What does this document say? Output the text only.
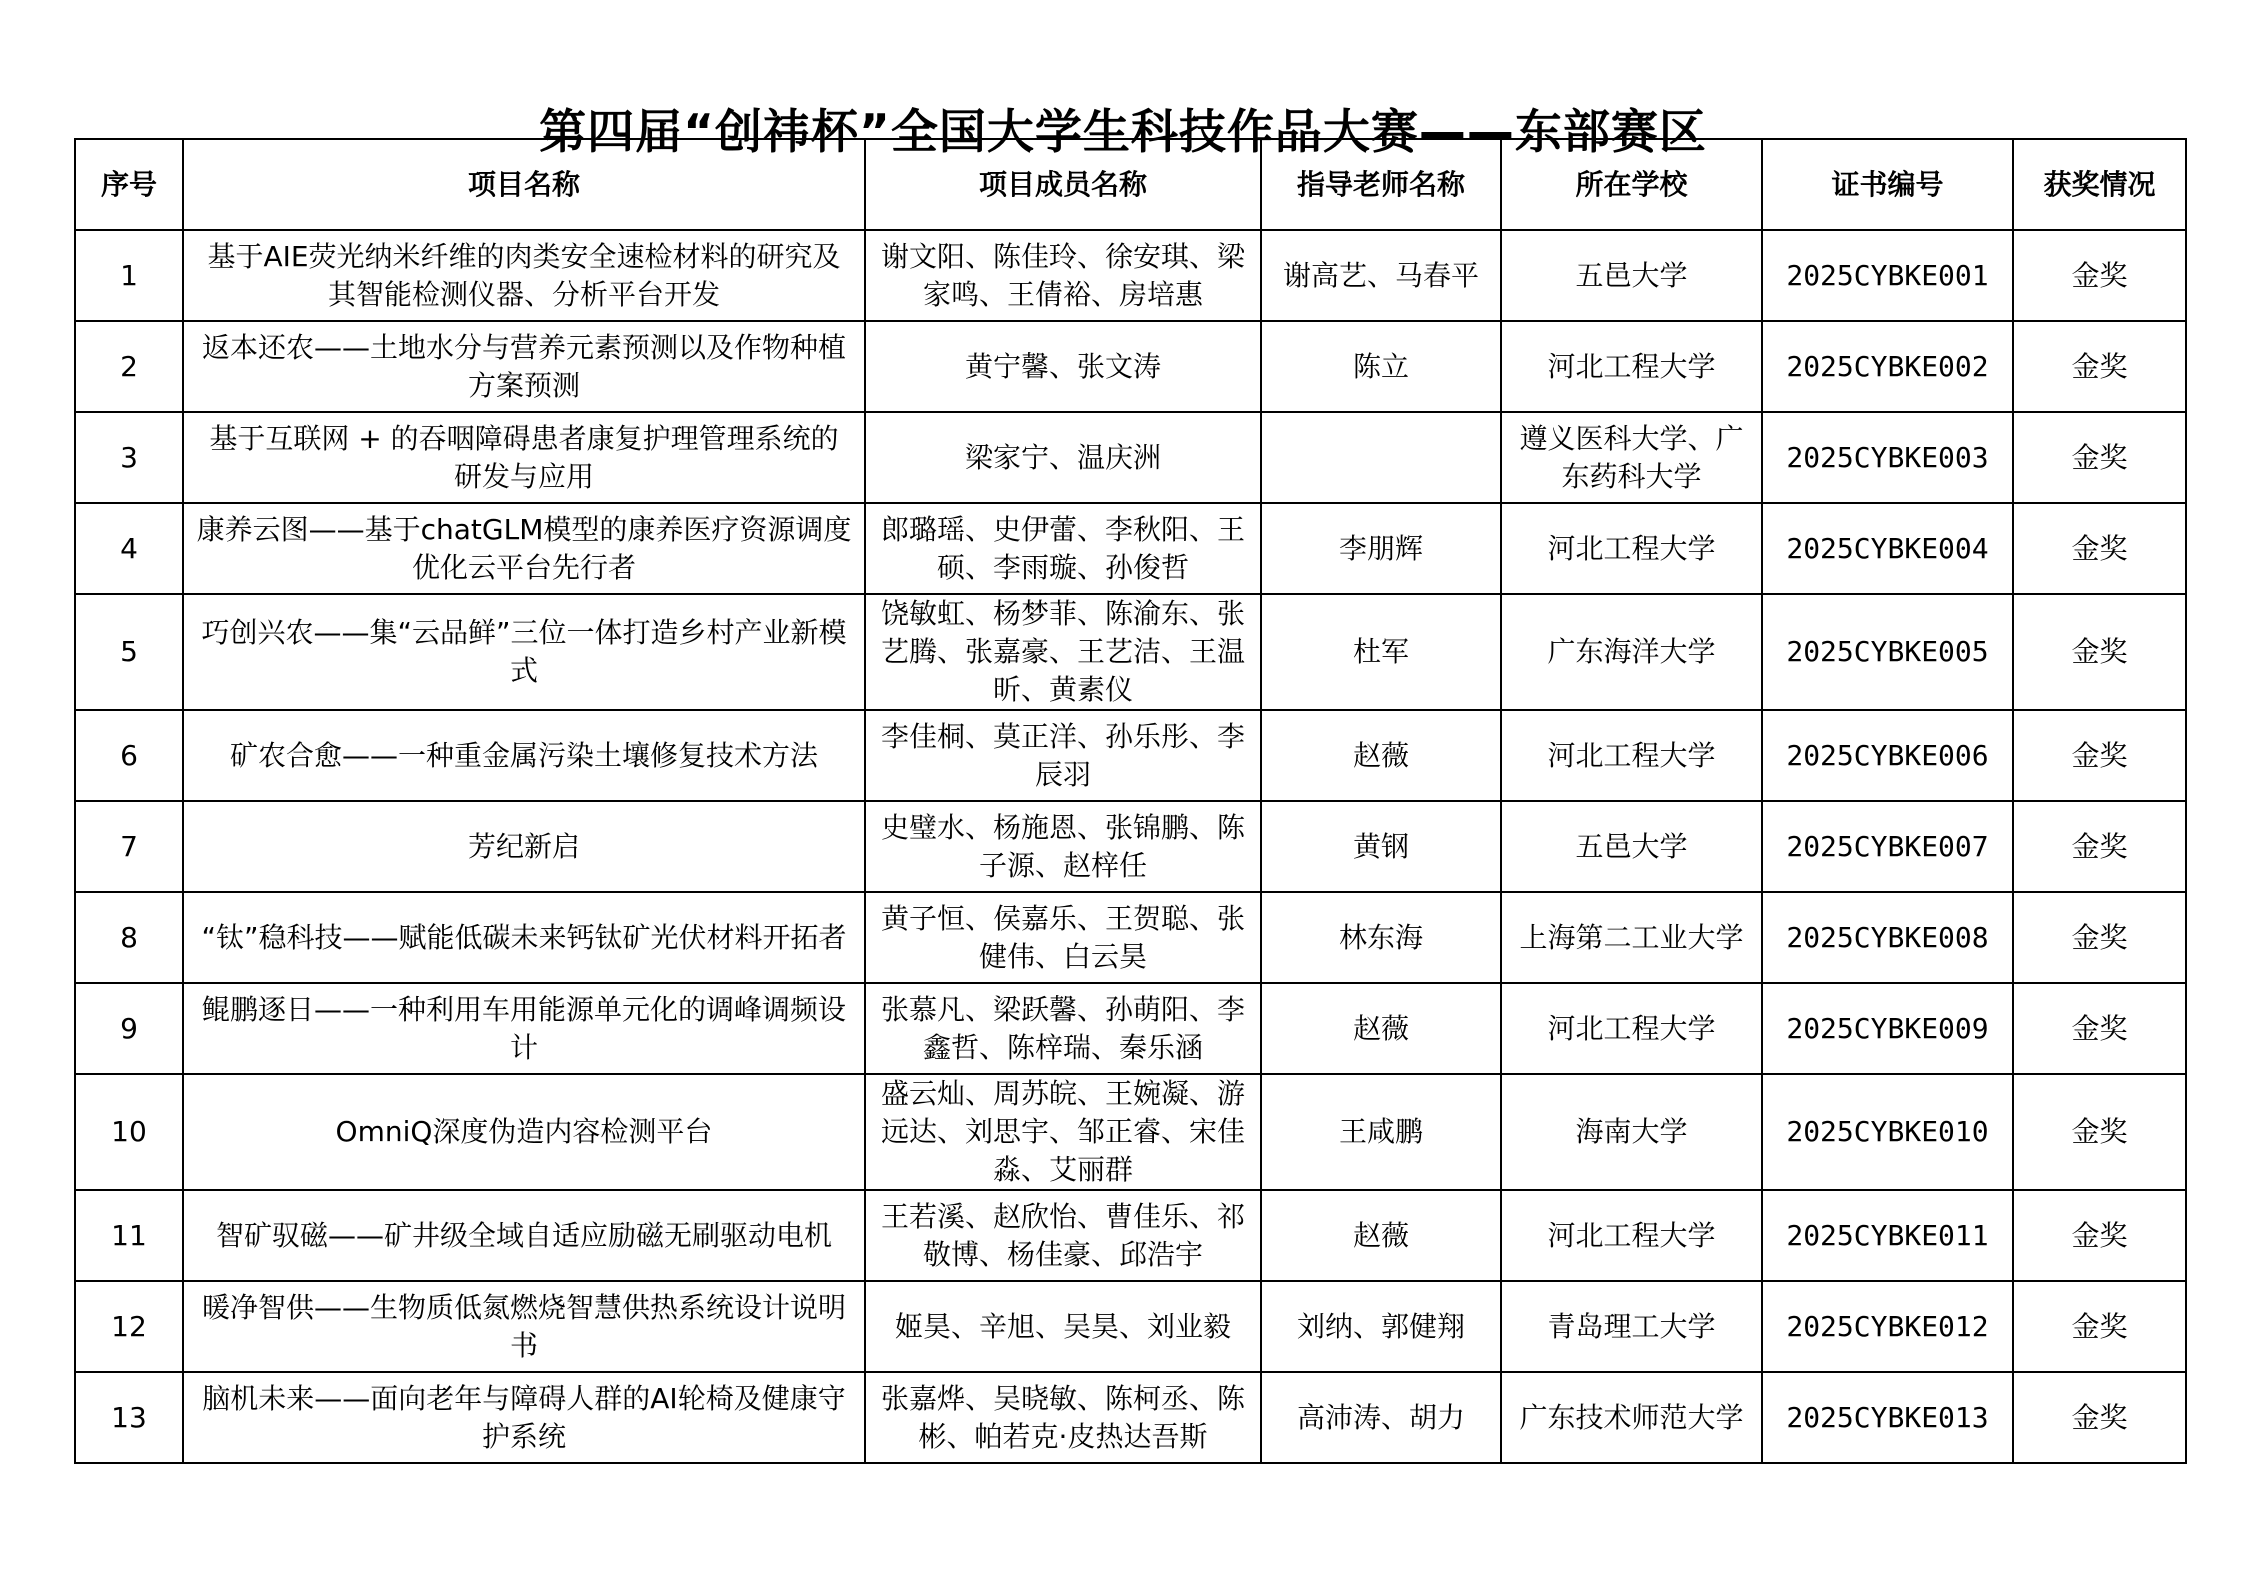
第四届“创祎杯”全国大学生科技作品大赛——东部赛区
序号	项目名称	项目成员名称	指导老师名称	所在学校	证书编号	获奖情况
1	基于AIE荧光纳米纤维的肉类安全速检材料的研究及其智能检测仪器、分析平台开发	谢文阳、陈佳玲、徐安琪、梁家鸣、王倩裕、房培惠	谢高艺、马春平	五邑大学	2025CYBKE001	金奖
2	返本还农——土地水分与营养元素预测以及作物种植方案预测	黄宁馨、张文涛	陈立	河北工程大学	2025CYBKE002	金奖
3	基于互联网 + 的吞咽障碍患者康复护理管理系统的研发与应用	梁家宁、温庆洲		遵义医科大学、广东药科大学	2025CYBKE003	金奖
4	康养云图——基于chatGLM模型的康养医疗资源调度优化云平台先行者	郎璐瑶、史伊蕾、李秋阳、王硕、李雨璇、孙俊哲	李朋辉	河北工程大学	2025CYBKE004	金奖
5	巧创兴农——集“云品鲜”三位一体打造乡村产业新模式	饶敏虹、杨梦菲、陈渝东、张艺腾、张嘉豪、王艺洁、王温昕、黄素仪	杜军	广东海洋大学	2025CYBKE005	金奖
6	矿农合愈——一种重金属污染土壤修复技术方法	李佳桐、莫正洋、孙乐彤、李辰羽	赵薇	河北工程大学	2025CYBKE006	金奖
7	芳纪新启	史璧水、杨施恩、张锦鹏、陈子源、赵梓任	黄钢	五邑大学	2025CYBKE007	金奖
8	“钛”稳科技——赋能低碳未来钙钛矿光伏材料开拓者	黄子恒、侯嘉乐、王贺聪、张健伟、白云昊	林东海	上海第二工业大学	2025CYBKE008	金奖
9	鲲鹏逐日——一种利用车用能源单元化的调峰调频设计	张慕凡、梁跃馨、孙萌阳、李鑫哲、陈梓瑞、秦乐涵	赵薇	河北工程大学	2025CYBKE009	金奖
10	OmniQ深度伪造内容检测平台	盛云灿、周苏皖、王婉凝、游远达、刘思宇、邹正睿、宋佳淼、艾丽群	王咸鹏	海南大学	2025CYBKE010	金奖
11	智矿驭磁——矿井级全域自适应励磁无刷驱动电机	王若溪、赵欣怡、曹佳乐、祁敬博、杨佳豪、邱浩宇	赵薇	河北工程大学	2025CYBKE011	金奖
12	暖净智供——生物质低氮燃烧智慧供热系统设计说明书	姬昊、辛旭、吴昊、刘业毅	刘纳、郭健翔	青岛理工大学	2025CYBKE012	金奖
13	脑机未来——面向老年与障碍人群的AI轮椅及健康守护系统	张嘉烨、吴晓敏、陈柯丞、陈彬、帕若克·皮热达吾斯	高沛涛、胡力	广东技术师范大学	2025CYBKE013	金奖
